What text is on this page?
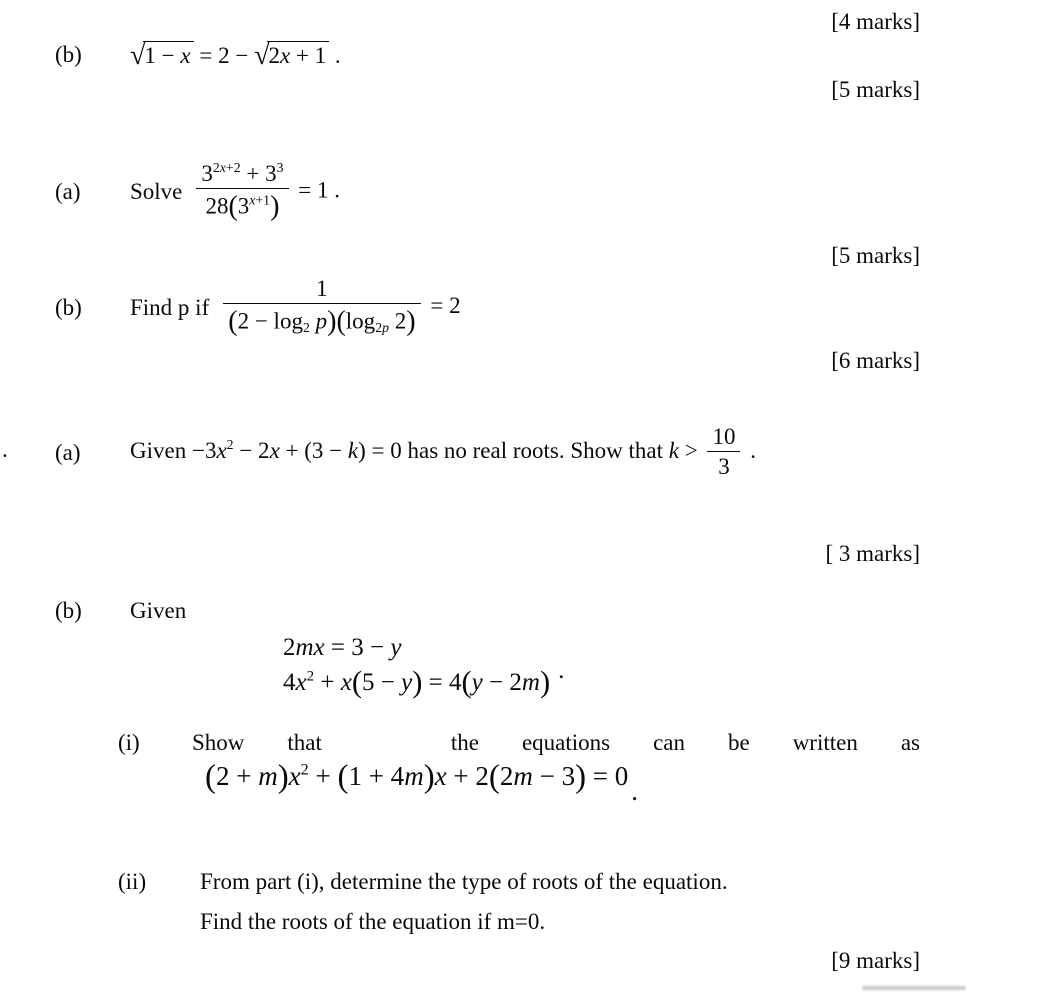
[4 marks]
(b)	√1 − x = 2 − √2x + 1 .
[5 marks]
(a)	Solve $\frac{3^{2x+2} + 3^3}{28(3^{x+1})} = 1$ .
[5 marks]
(b)	Find p if $\frac{1}{(2 - \log 2 p)(\log 2p 2)} = 2$
[6 marks]
. (a)	Given $-3x^2 - 2x + (3 - k) = 0$ has no real roots. Show that $k > \frac{10}{3}$ .
[ 3 marks]
(b)	Given
2mx = 3 − y
$4x^2 + x(5 - y) = 4(y - 2m)$ .
(i) Show that	the equations can be written as
$(2 + m)x^2 + (1 + 4m)x + 2(2m - 3) = 0$ .
(ii) From part (i), determine the type of roots of the equation.
Find the roots of the equation if m=0.
[9 marks]
